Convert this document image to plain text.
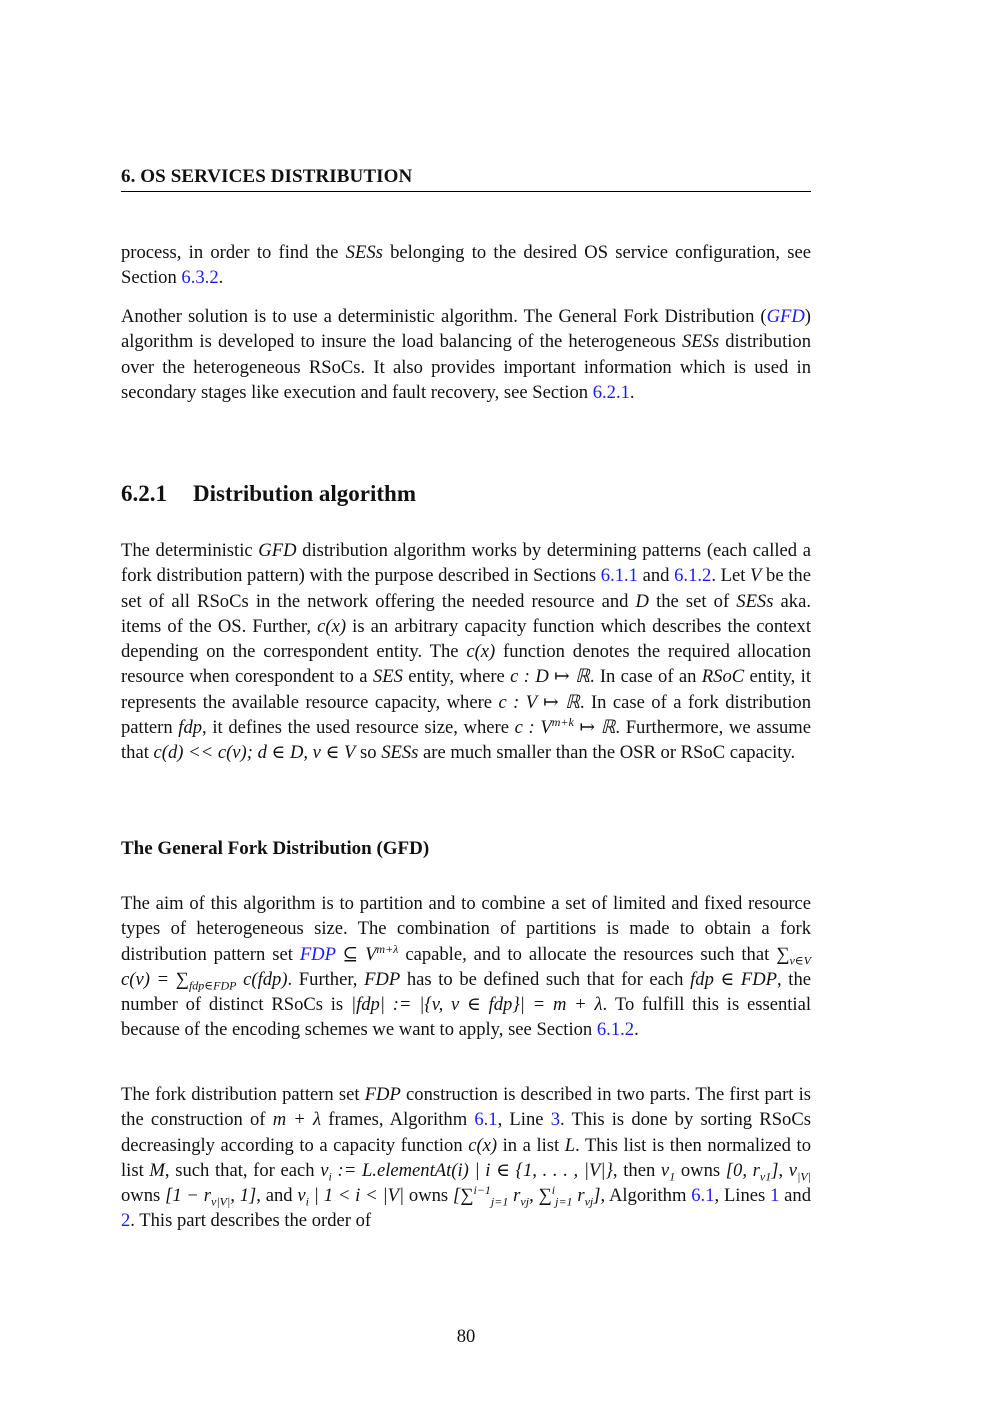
6. OS SERVICES DISTRIBUTION

process, in order to find the SESs belonging to the desired OS service configuration, see Section 6.3.2.

Another solution is to use a deterministic algorithm. The General Fork Distribution (GFD) algorithm is developed to insure the load balancing of the heterogeneous SESs distribution over the heterogeneous RSoCs. It also provides important information which is used in secondary stages like execution and fault recovery, see Section 6.2.1.

6.2.1 Distribution algorithm

The deterministic GFD distribution algorithm works by determining patterns (each called a fork distribution pattern) with the purpose described in Sections 6.1.1 and 6.1.2. Let V be the set of all RSoCs in the network offering the needed resource and D the set of SESs aka. items of the OS. Further, c(x) is an arbitrary capacity function which describes the context depending on the correspondent entity. The c(x) function denotes the required allocation resource when corespondent to a SES entity, where c : D ↦ ℝ. In case of an RSoC entity, it represents the available resource capacity, where c : V ↦ ℝ. In case of a fork distribution pattern fdp, it defines the used resource size, where c : $V^{m+k}$ ↦ ℝ. Furthermore, we assume that c(d) << c(v); d ∈ D, v ∈ V so SESs are much smaller than the OSR or RSoC capacity.

The General Fork Distribution (GFD)

The aim of this algorithm is to partition and to combine a set of limited and fixed resource types of heterogeneous size. The combination of partitions is made to obtain a fork distribution pattern set FDP ⊆ $V^{m+\lambda}$ capable, and to allocate the resources such that $\sum_{v\in V}$ $c(v) = \sum_{fdp\in FDP}$ c(fdp). Further, FDP has to be defined such that for each fdp ∈ FDP, the number of distinct RSoCs is |fdp| := |{v, v ∈ fdp}| = m + λ. To fulfill this is essential because of the encoding schemes we want to apply, see Section 6.1.2.

The fork distribution pattern set FDP construction is described in two parts. The first part is the construction of m + λ frames, Algorithm 6.1, Line 3. This is done by sorting RSoCs decreasingly according to a capacity function c(x) in a list L. This list is then normalized to list M, such that, for each $v_i$ := L.elementAt(i) | i ∈ {1, . . . , |V|}, then $v_1$ owns [0, $r_{v1}$], $v_{|V|}$ owns [$1 - r_{v|V|}$, 1], and $v_i$ | 1 < i < |V| owns [∑$^{i-1}_{j=1}$ $r_{vj}$, ∑$^i_{j=1}$ $r_{vj}$], Algorithm 6.1, Lines 1 and 2. This part describes the order of

80
